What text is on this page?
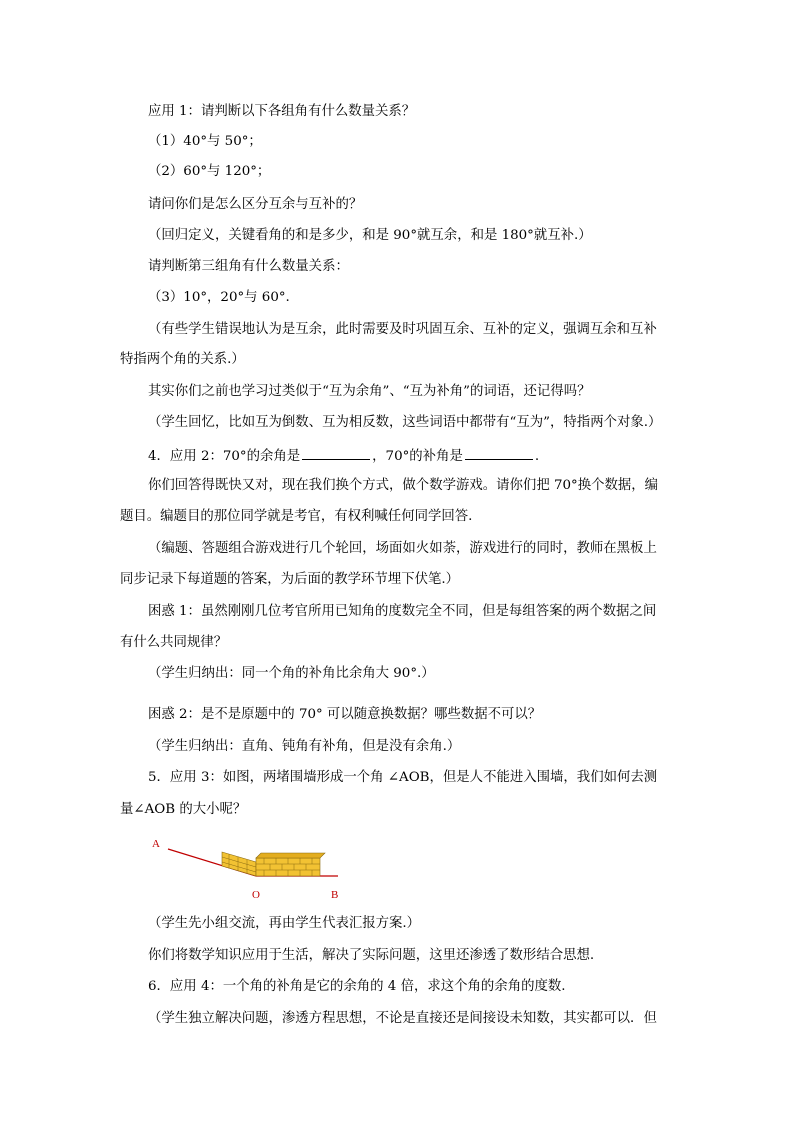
应用 1：请判断以下各组角有什么数量关系？
（1）40°与 50°；
（2）60°与 120°；
请问你们是怎么区分互余与互补的？
（回归定义，关键看角的和是多少，和是 90°就互余，和是 180°就互补.）
请判断第三组角有什么数量关系：
（3）10°，20°与 60°.
（有些学生错误地认为是互余，此时需要及时巩固互余、互补的定义，强调互余和互补
特指两个角的关系.）
其实你们之前也学习过类似于“互为余角”、“互为补角”的词语，还记得吗？
（学生回忆，比如互为倒数、互为相反数，这些词语中都带有“互为”，特指两个对象.）
4．应用 2：70°的余角是	，70°的补角是	.
你们回答得既快又对，现在我们换个方式，做个数学游戏。请你们把 70°换个数据，编
题目。编题目的那位同学就是考官，有权利喊任何同学回答.
（编题、答题组合游戏进行几个轮回，场面如火如荼，游戏进行的同时，教师在黑板上
同步记录下每道题的答案，为后面的教学环节埋下伏笔.）
困惑 1：虽然刚刚几位考官所用已知角的度数完全不同，但是每组答案的两个数据之间
有什么共同规律？
（学生归纳出：同一个角的补角比余角大 90°.）
困惑 2：是不是原题中的 70° 可以随意换数据？哪些数据不可以？
（学生归纳出：直角、钝角有补角，但是没有余角.）
5．应用 3：如图，两堵围墙形成一个角 ∠AOB，但是人不能进入围墙，我们如何去测
量∠AOB 的大小呢？
A
O	B
（学生先小组交流，再由学生代表汇报方案.）
你们将数学知识应用于生活，解决了实际问题，这里还渗透了数形结合思想.
6．应用 4：一个角的补角是它的余角的 4 倍，求这个角的余角的度数.
（学生独立解决问题，渗透方程思想，不论是直接还是间接设未知数，其实都可以．但
